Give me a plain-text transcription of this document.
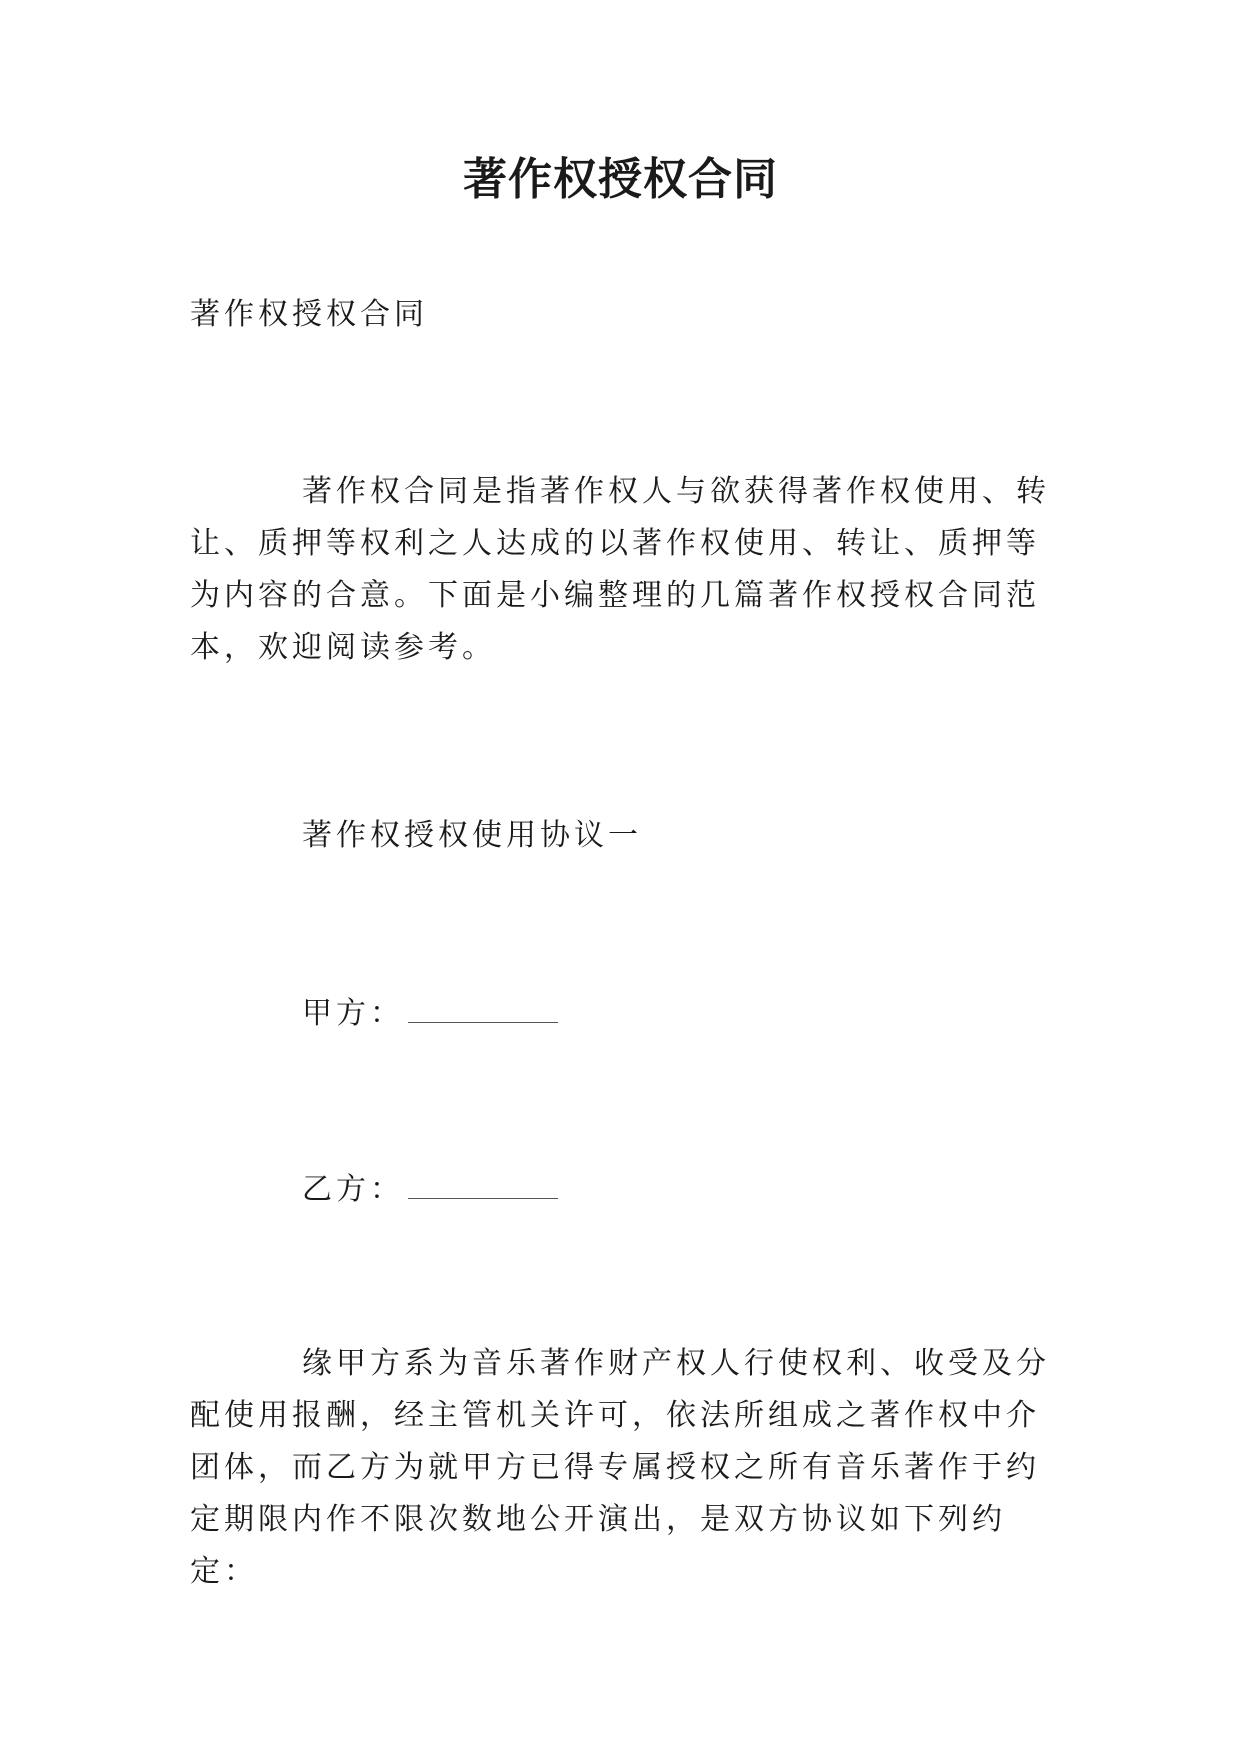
著作权授权合同

著作权授权合同

著作权合同是指著作权人与欲获得著作权使用、转让、质押等权利之人达成的以著作权使用、转让、质押等为内容的合意。下面是小编整理的几篇著作权授权合同范本，欢迎阅读参考。

著作权授权使用协议一

甲方：
乙方：

缘甲方系为音乐著作财产权人行使权利、收受及分配使用报酬，经主管机关许可，依法所组成之著作权中介团体，而乙方为就甲方已得专属授权之所有音乐著作于约定期限内作不限次数地公开演出，是双方协议如下列约定：
